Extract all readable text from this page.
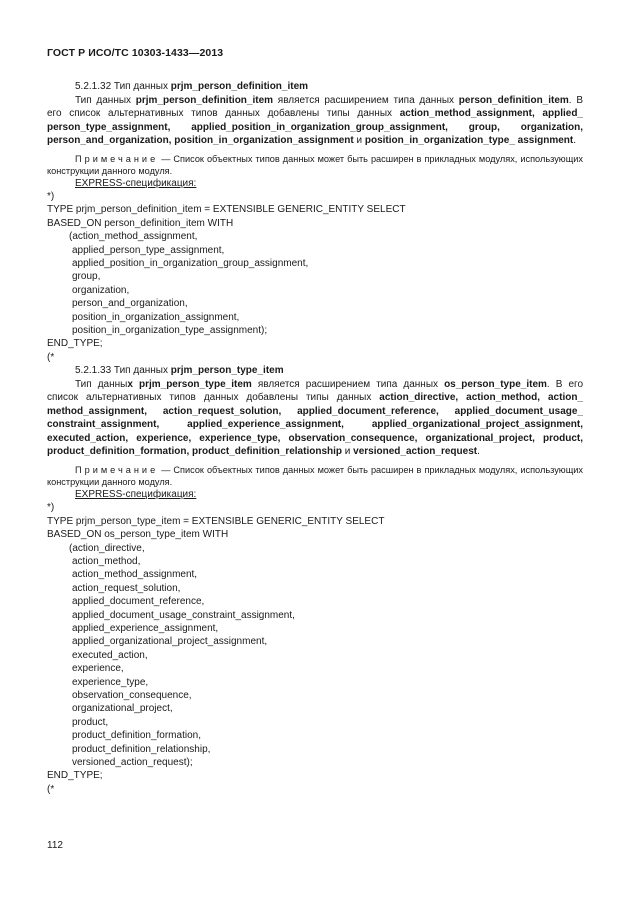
ГОСТ Р ИСО/ТС 10303-1433—2013

5.2.1.32 Тип данных prjm_person_definition_item

Тип данных prjm_person_definition_item является расширением типа данных person_definition_item. В его список альтернативных типов данных добавлены типы данных action_method_assignment, applied_ person_type_assignment, applied_position_in_organization_group_assignment, group, organization, person_and_organization, position_in_organization_assignment и position_in_organization_type_ assignment.

Примечание — Список объектных типов данных может быть расширен в прикладных модулях, использующих конструкции данного модуля.

EXPRESS-спецификация:

*)
TYPE prjm_person_definition_item = EXTENSIBLE GENERIC_ENTITY SELECT
BASED_ON person_definition_item WITH
(action_method_assignment,
applied_person_type_assignment,
applied_position_in_organization_group_assignment,
group,
organization,
person_and_organization,
position_in_organization_assignment,
position_in_organization_type_assignment);
END_TYPE;
(*

5.2.1.33 Тип данных prjm_person_type_item

Тип данных prjm_person_type_item является расширением типа данных os_person_type_item. В его список альтернативных типов данных добавлены типы данных action_directive, action_method, action_ method_assignment, action_request_solution, applied_document_reference, applied_document_usage_ constraint_assignment, applied_experience_assignment, applied_organizational_project_assignment, executed_action, experience, experience_type, observation_consequence, organizational_project, product, product_definition_formation, product_definition_relationship и versioned_action_request.

Примечание — Список объектных типов данных может быть расширен в прикладных модулях, использующих конструкции данного модуля.

EXPRESS-спецификация:

*)
TYPE prjm_person_type_item = EXTENSIBLE GENERIC_ENTITY SELECT
BASED_ON os_person_type_item WITH
(action_directive,
action_method,
action_method_assignment,
action_request_solution,
applied_document_reference,
applied_document_usage_constraint_assignment,
applied_experience_assignment,
applied_organizational_project_assignment,
executed_action,
experience,
experience_type,
observation_consequence,
organizational_project,
product,
product_definition_formation,
product_definition_relationship,
versioned_action_request);
END_TYPE;
(*
112
